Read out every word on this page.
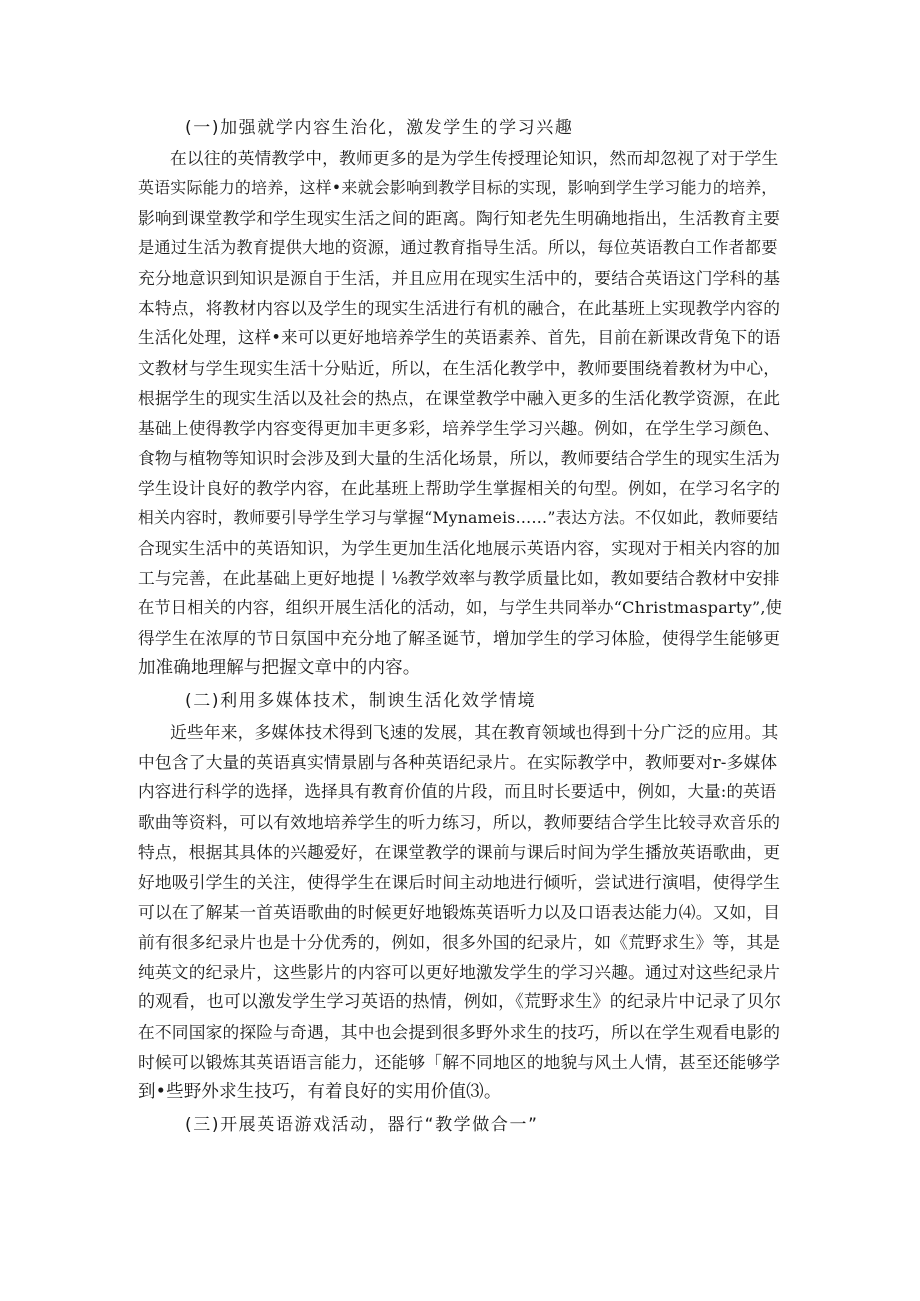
(一)加强就学内容生治化，激发学生的学习兴趣
在以往的英情教学中，教师更多的是为学生传授理论知识，然而却忽视了对于学生
英语实际能力的培养，这样•来就会影响到教学目标的实现，影响到学生学习能力的培养，
影响到课堂教学和学生现实生活之间的距离。陶行知老先生明确地指出，生活教育主要
是通过生活为教育提供大地的资源，通过教育指导生活。所以，每位英语教白工作者都要
充分地意识到知识是源自于生活，并且应用在现实生活中的，要结合英语这门学科的基
本特点，将教材内容以及学生的现实生活进行有机的融合，在此基班上实现教学内容的
生活化处理，这样•来可以更好地培养学生的英语素养、首先，目前在新课改背兔下的语
文教材与学生现实生活十分贴近，所以，在生活化教学中，教师要围绕着教材为中心，
根据学生的现实生活以及社会的热点，在课堂教学中融入更多的生活化教学资源，在此
基础上使得教学内容变得更加丰更多彩，培养学生学习兴趣。例如，在学生学习颜色、
食物与植物等知识时会涉及到大量的生活化场景，所以，教师要结合学生的现实生活为
学生设计良好的教学内容，在此基班上帮助学生掌握相关的句型。例如，在学习名字的
相关内容时，教师要引导学生学习与掌握“Mynameis……”表达方法。不仅如此，教师要结
合现实生活中的英语知识，为学生更加生活化地展示英语内容，实现对于相关内容的加
工与完善，在此基础上更好地提丨⅛教学效率与教学质量比如，教如要结合教材中安排
在节日相关的内容，组织开展生活化的活动，如，与学生共同举办“Christmasparty”,使
得学生在浓厚的节日氛国中充分地了解圣诞节，增加学生的学习体脸，使得学生能够更
加准确地理解与把握文章中的内容。
(二)利用多媒体技术，制谀生活化效学情境
近些年来，多媒体技术得到飞速的发展，其在教育领域也得到十分广泛的应用。其
中包含了大量的英语真实情景剧与各种英语纪录片。在实际教学中，教师要对r-多媒体
内容进行科学的选择，选择具有教育价值的片段，而且时长要适中，例如，大量:的英语
歌曲等资料，可以有效地培养学生的听力练习，所以，教师要结合学生比较寻欢音乐的
特点，根据其具体的兴趣爱好，在课堂教学的课前与课后时间为学生播放英语歌曲，更
好地吸引学生的关注，使得学生在课后时间主动地进行倾听，尝试进行演唱，使得学生
可以在了解某一首英语歌曲的时候更好地锻炼英语听力以及口语表达能力⑷。又如，目
前有很多纪录片也是十分优秀的，例如，很多外国的纪录片，如《荒野求生》等，其是
纯英文的纪录片，这些影片的内容可以更好地激发学生的学习兴趣。通过对这些纪录片
的观看，也可以激发学生学习英语的热情，例如，《荒野求生》的纪录片中记录了贝尔
在不同国家的探险与奇遇，其中也会提到很多野外求生的技巧，所以在学生观看电影的
时候可以锻炼其英语语言能力，还能够「解不同地区的地貌与风土人情，甚至还能够学
到•些野外求生技巧，有着良好的实用价值⑶。
(三)开展英语游戏活动，器行“教学做合一”
